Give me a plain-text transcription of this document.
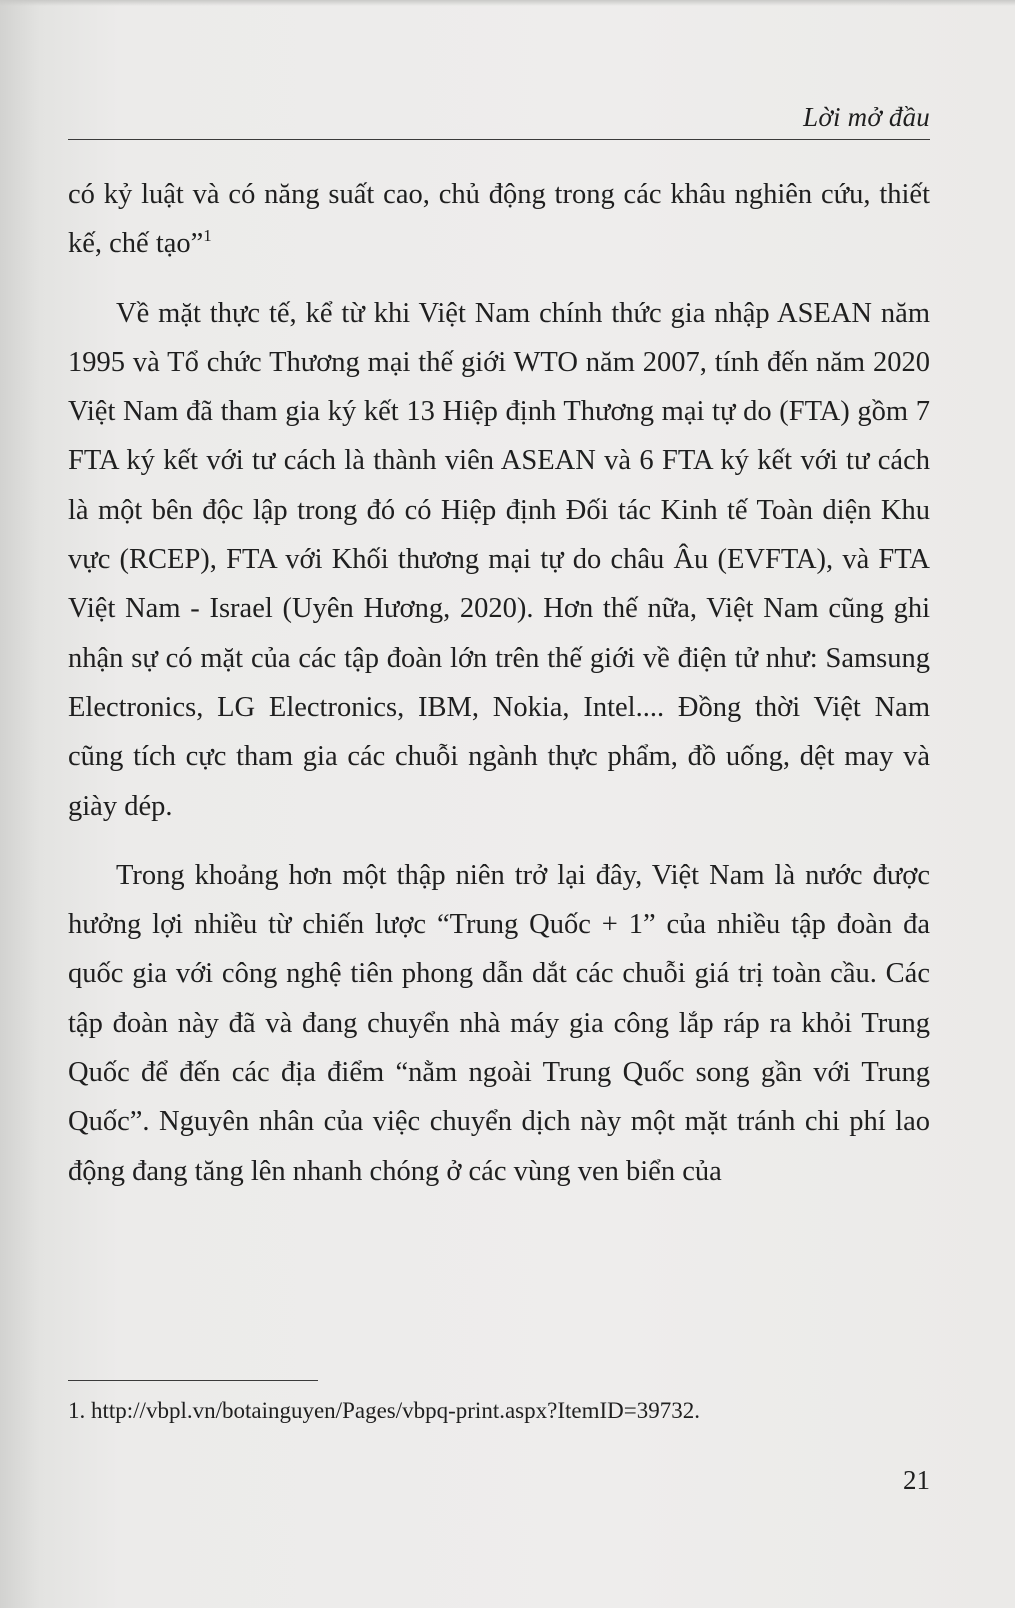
Lời mở đầu

có kỷ luật và có năng suất cao, chủ động trong các khâu nghiên cứu, thiết kế, chế tạo”$^1$

Về mặt thực tế, kể từ khi Việt Nam chính thức gia nhập ASEAN năm 1995 và Tổ chức Thương mại thế giới WTO năm 2007, tính đến năm 2020 Việt Nam đã tham gia ký kết 13 Hiệp định Thương mại tự do (FTA) gồm 7 FTA ký kết với tư cách là thành viên ASEAN và 6 FTA ký kết với tư cách là một bên độc lập trong đó có Hiệp định Đối tác Kinh tế Toàn diện Khu vực (RCEP), FTA với Khối thương mại tự do châu Âu (EVFTA), và FTA Việt Nam - Israel (Uyên Hương, 2020). Hơn thế nữa, Việt Nam cũng ghi nhận sự có mặt của các tập đoàn lớn trên thế giới về điện tử như: Samsung Electronics, LG Electronics, IBM, Nokia, Intel.... Đồng thời Việt Nam cũng tích cực tham gia các chuỗi ngành thực phẩm, đồ uống, dệt may và giày dép.

Trong khoảng hơn một thập niên trở lại đây, Việt Nam là nước được hưởng lợi nhiều từ chiến lược “Trung Quốc + 1” của nhiều tập đoàn đa quốc gia với công nghệ tiên phong dẫn dắt các chuỗi giá trị toàn cầu. Các tập đoàn này đã và đang chuyển nhà máy gia công lắp ráp ra khỏi Trung Quốc để đến các địa điểm “nằm ngoài Trung Quốc song gần với Trung Quốc”. Nguyên nhân của việc chuyển dịch này một mặt tránh chi phí lao động đang tăng lên nhanh chóng ở các vùng ven biển của

1. http://vbpl.vn/botainguyen/Pages/vbpq-print.aspx?ItemID=39732.
21
